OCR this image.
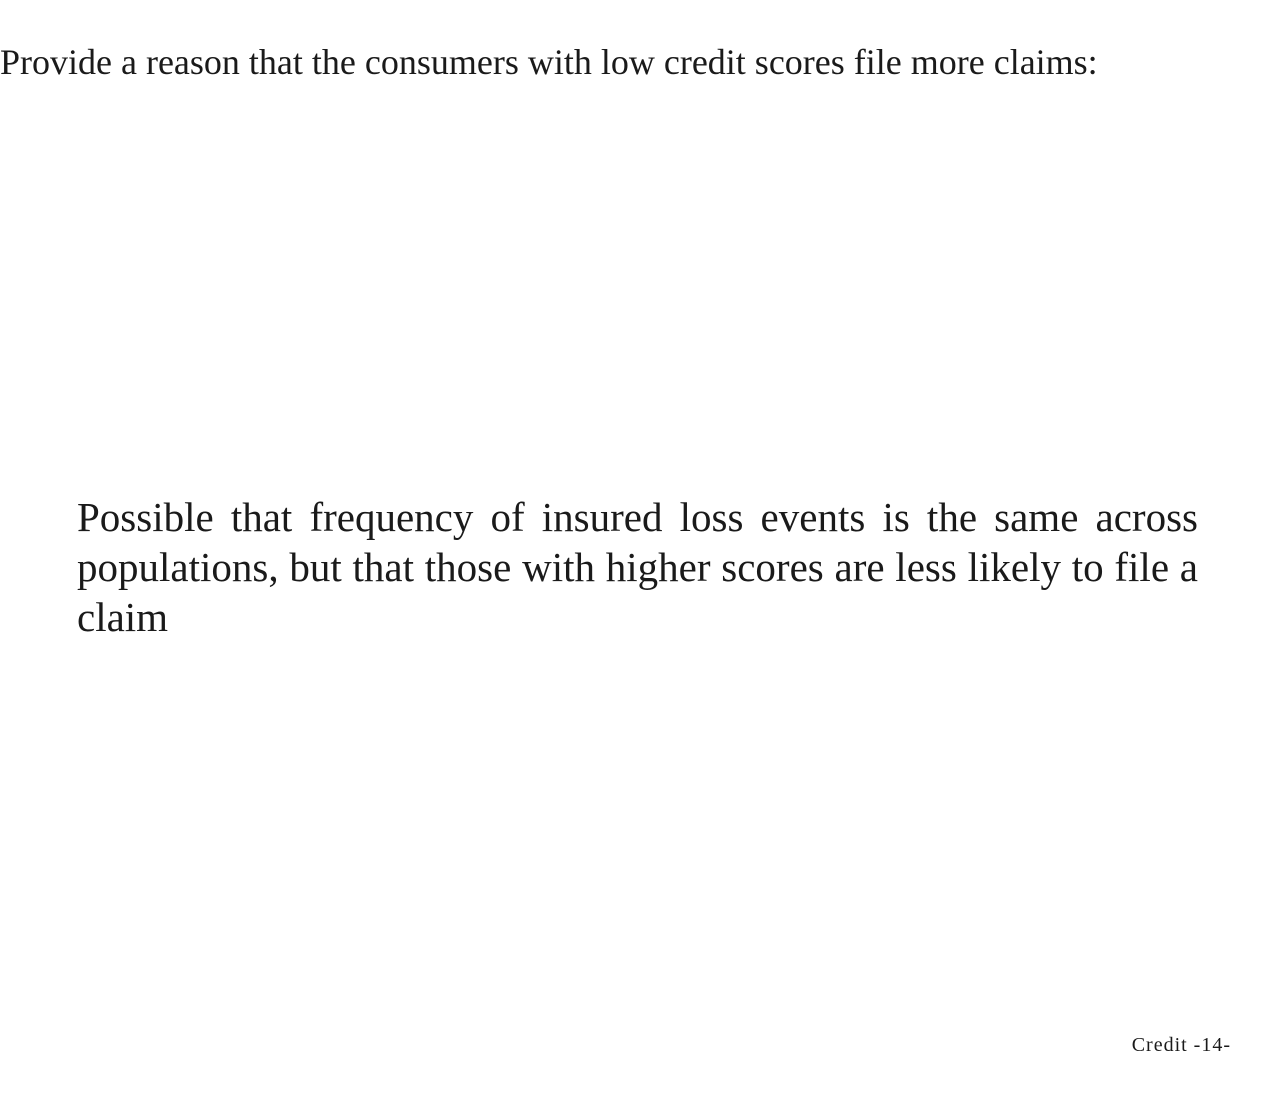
Provide a reason that the consumers with low credit scores file more claims:

Possible that frequency of insured loss events is the same across populations, but that those with higher scores are less likely to file a claim

Credit -14-
